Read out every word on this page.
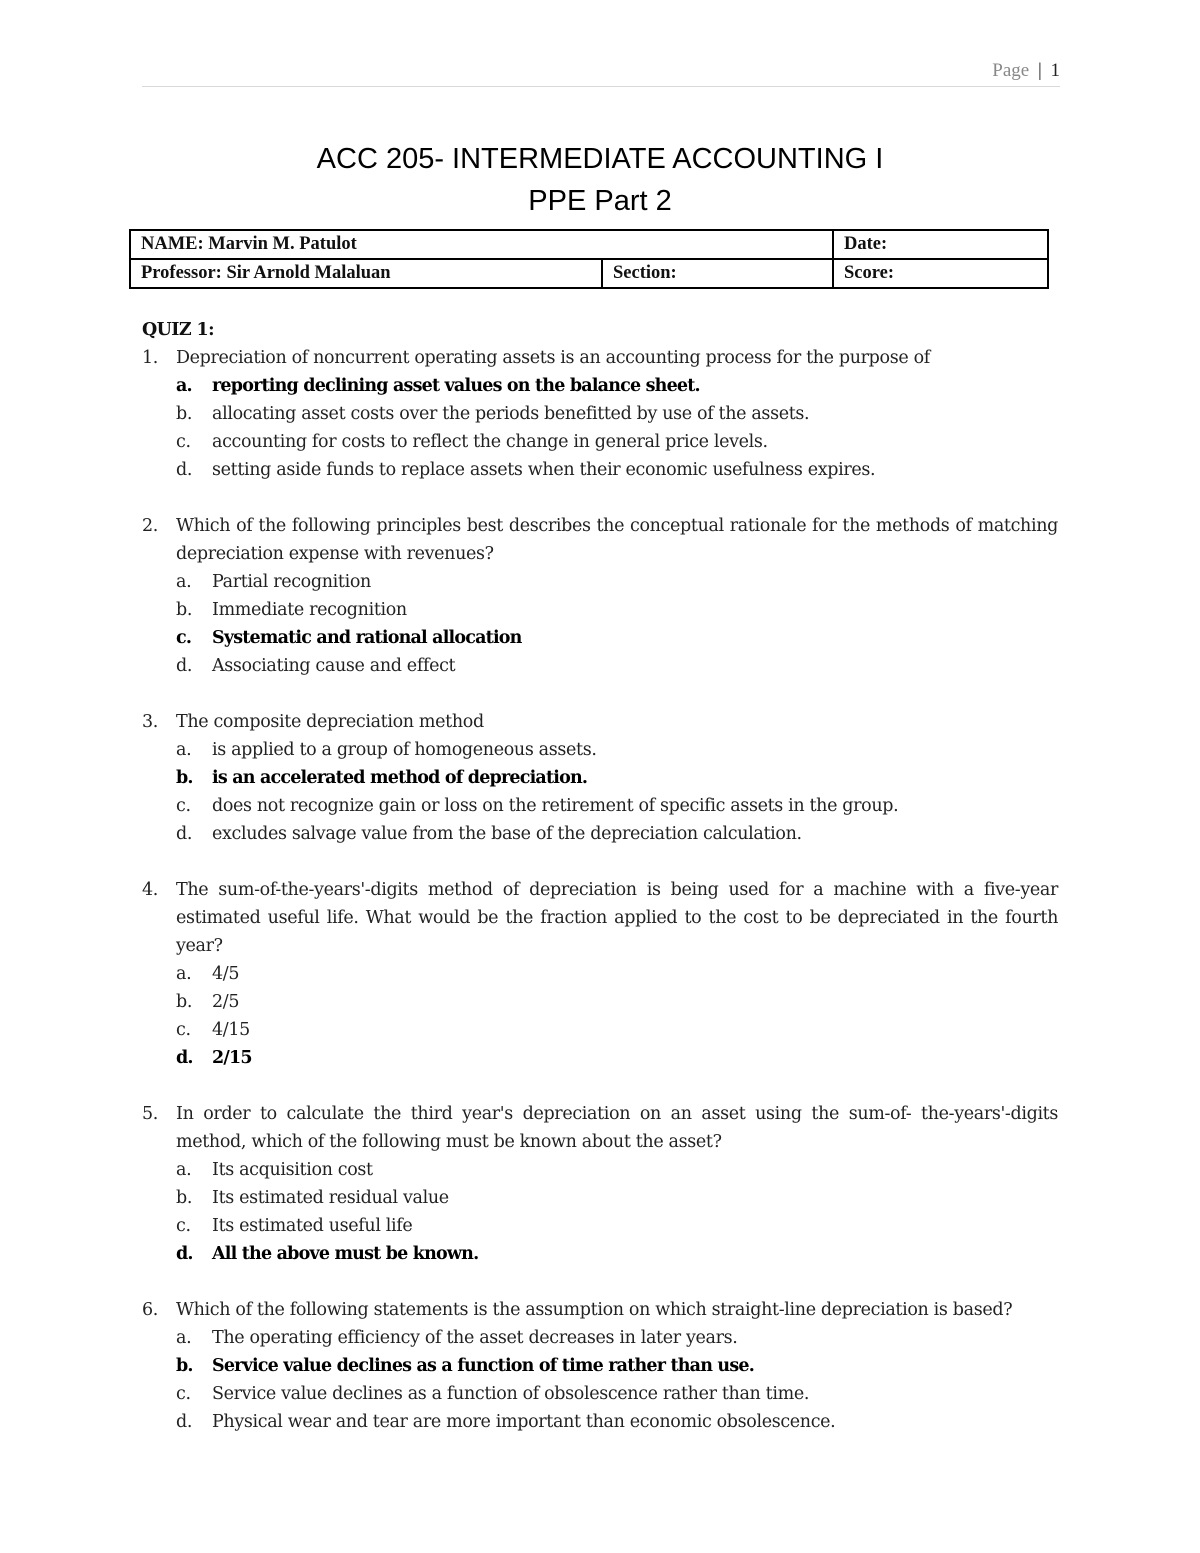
Page | 1
ACC 205- INTERMEDIATE ACCOUNTING I
PPE Part 2
NAME: Marvin M. Patulot		Date:
Professor: Sir Arnold Malaluan	Section:	Score:
QUIZ 1:
1.	Depreciation of noncurrent operating assets is an accounting process for the purpose of
a.	reporting declining asset values on the balance sheet.
b.	allocating asset costs over the periods benefitted by use of the assets.
c.	accounting for costs to reflect the change in general price levels.
d.	setting aside funds to replace assets when their economic usefulness expires.
2.	Which of the following principles best describes the conceptual rationale for the methods of matching depreciation expense with revenues?
a.	Partial recognition
b.	Immediate recognition
c.	Systematic and rational allocation
d.	Associating cause and effect
3.	The composite depreciation method
a.	is applied to a group of homogeneous assets.
b.	is an accelerated method of depreciation.
c.	does not recognize gain or loss on the retirement of specific assets in the group.
d.	excludes salvage value from the base of the depreciation calculation.
4.	The sum-of-the-years'-digits method of depreciation is being used for a machine with a five-year estimated useful life. What would be the fraction applied to the cost to be depreciated in the fourth year?
a.	4/5
b.	2/5
c.	4/15
d.	2/15
5.	In order to calculate the third year's depreciation on an asset using the sum-of- the-years'-digits method, which of the following must be known about the asset?
a.	Its acquisition cost
b.	Its estimated residual value
c.	Its estimated useful life
d.	All the above must be known.
6.	Which of the following statements is the assumption on which straight-line depreciation is based?
a.	The operating efficiency of the asset decreases in later years.
b.	Service value declines as a function of time rather than use.
c.	Service value declines as a function of obsolescence rather than time.
d.	Physical wear and tear are more important than economic obsolescence.
